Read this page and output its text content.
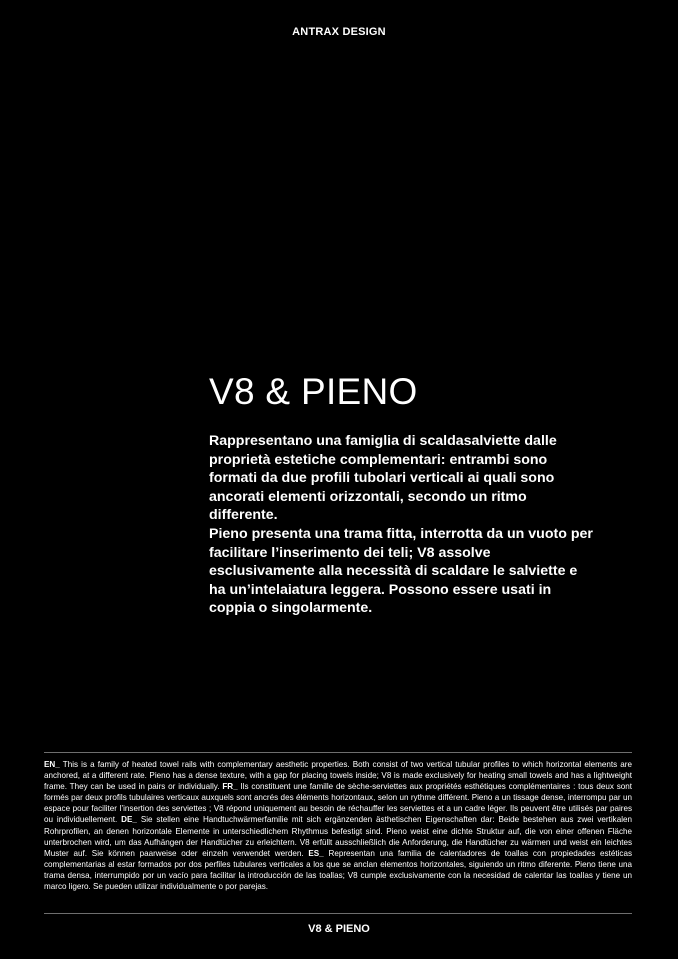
ANTRAX DESIGN
V8 & PIENO

Rappresentano una famiglia di scaldasalviette dalle proprietà estetiche complementari: entrambi sono formati da due profili tubolari verticali ai quali sono ancorati elementi orizzontali, secondo un ritmo differente.

Pieno presenta una trama fitta, interrotta da un vuoto per facilitare l’inserimento dei teli; V8 assolve esclusivamente alla necessità di scaldare le salviette e ha un’intelaiatura leggera. Possono essere usati in coppia o singolarmente.

EN_ This is a family of heated towel rails with complementary aesthetic properties. Both consist of two vertical tubular profiles to which horizontal elements are anchored, at a different rate. Pieno has a dense texture, with a gap for placing towels inside; V8 is made exclusively for heating small towels and has a lightweight frame. They can be used in pairs or individually. FR_ Ils constituent une famille de sèche-serviettes aux propriétés esthétiques complémentaires : tous deux sont formés par deux profils tubulaires verticaux auxquels sont ancrés des éléments horizontaux, selon un rythme différent. Pieno a un tissage dense, interrompu par un espace pour faciliter l’insertion des serviettes ; V8 répond uniquement au besoin de réchauffer les serviettes et a un cadre léger. Ils peuvent être utilisés par paires ou individuellement. DE_ Sie stellen eine Handtuchwärmerfamilie mit sich ergänzenden ästhetischen Eigenschaften dar: Beide bestehen aus zwei vertikalen Rohrprofilen, an denen horizontale Elemente in unterschiedlichem Rhythmus befestigt sind. Pieno weist eine dichte Struktur auf, die von einer offenen Fläche unterbrochen wird, um das Aufhängen der Handtücher zu erleichtern. V8 erfüllt ausschließlich die Anforderung, die Handtücher zu wärmen und weist ein leichtes Muster auf. Sie können paarweise oder einzeln verwendet werden. ES_ Representan una familia de calentadores de toallas con propiedades estéticas complementarias al estar formados por dos perfiles tubulares verticales a los que se anclan elementos horizontales, siguiendo un ritmo diferente. Pieno tiene una trama densa, interrumpido por un vacío para facilitar la introducción de las toallas; V8 cumple exclusivamente con la necesidad de calentar las toallas y tiene un marco ligero. Se pueden utilizar individualmente o por parejas.
V8 & PIENO
